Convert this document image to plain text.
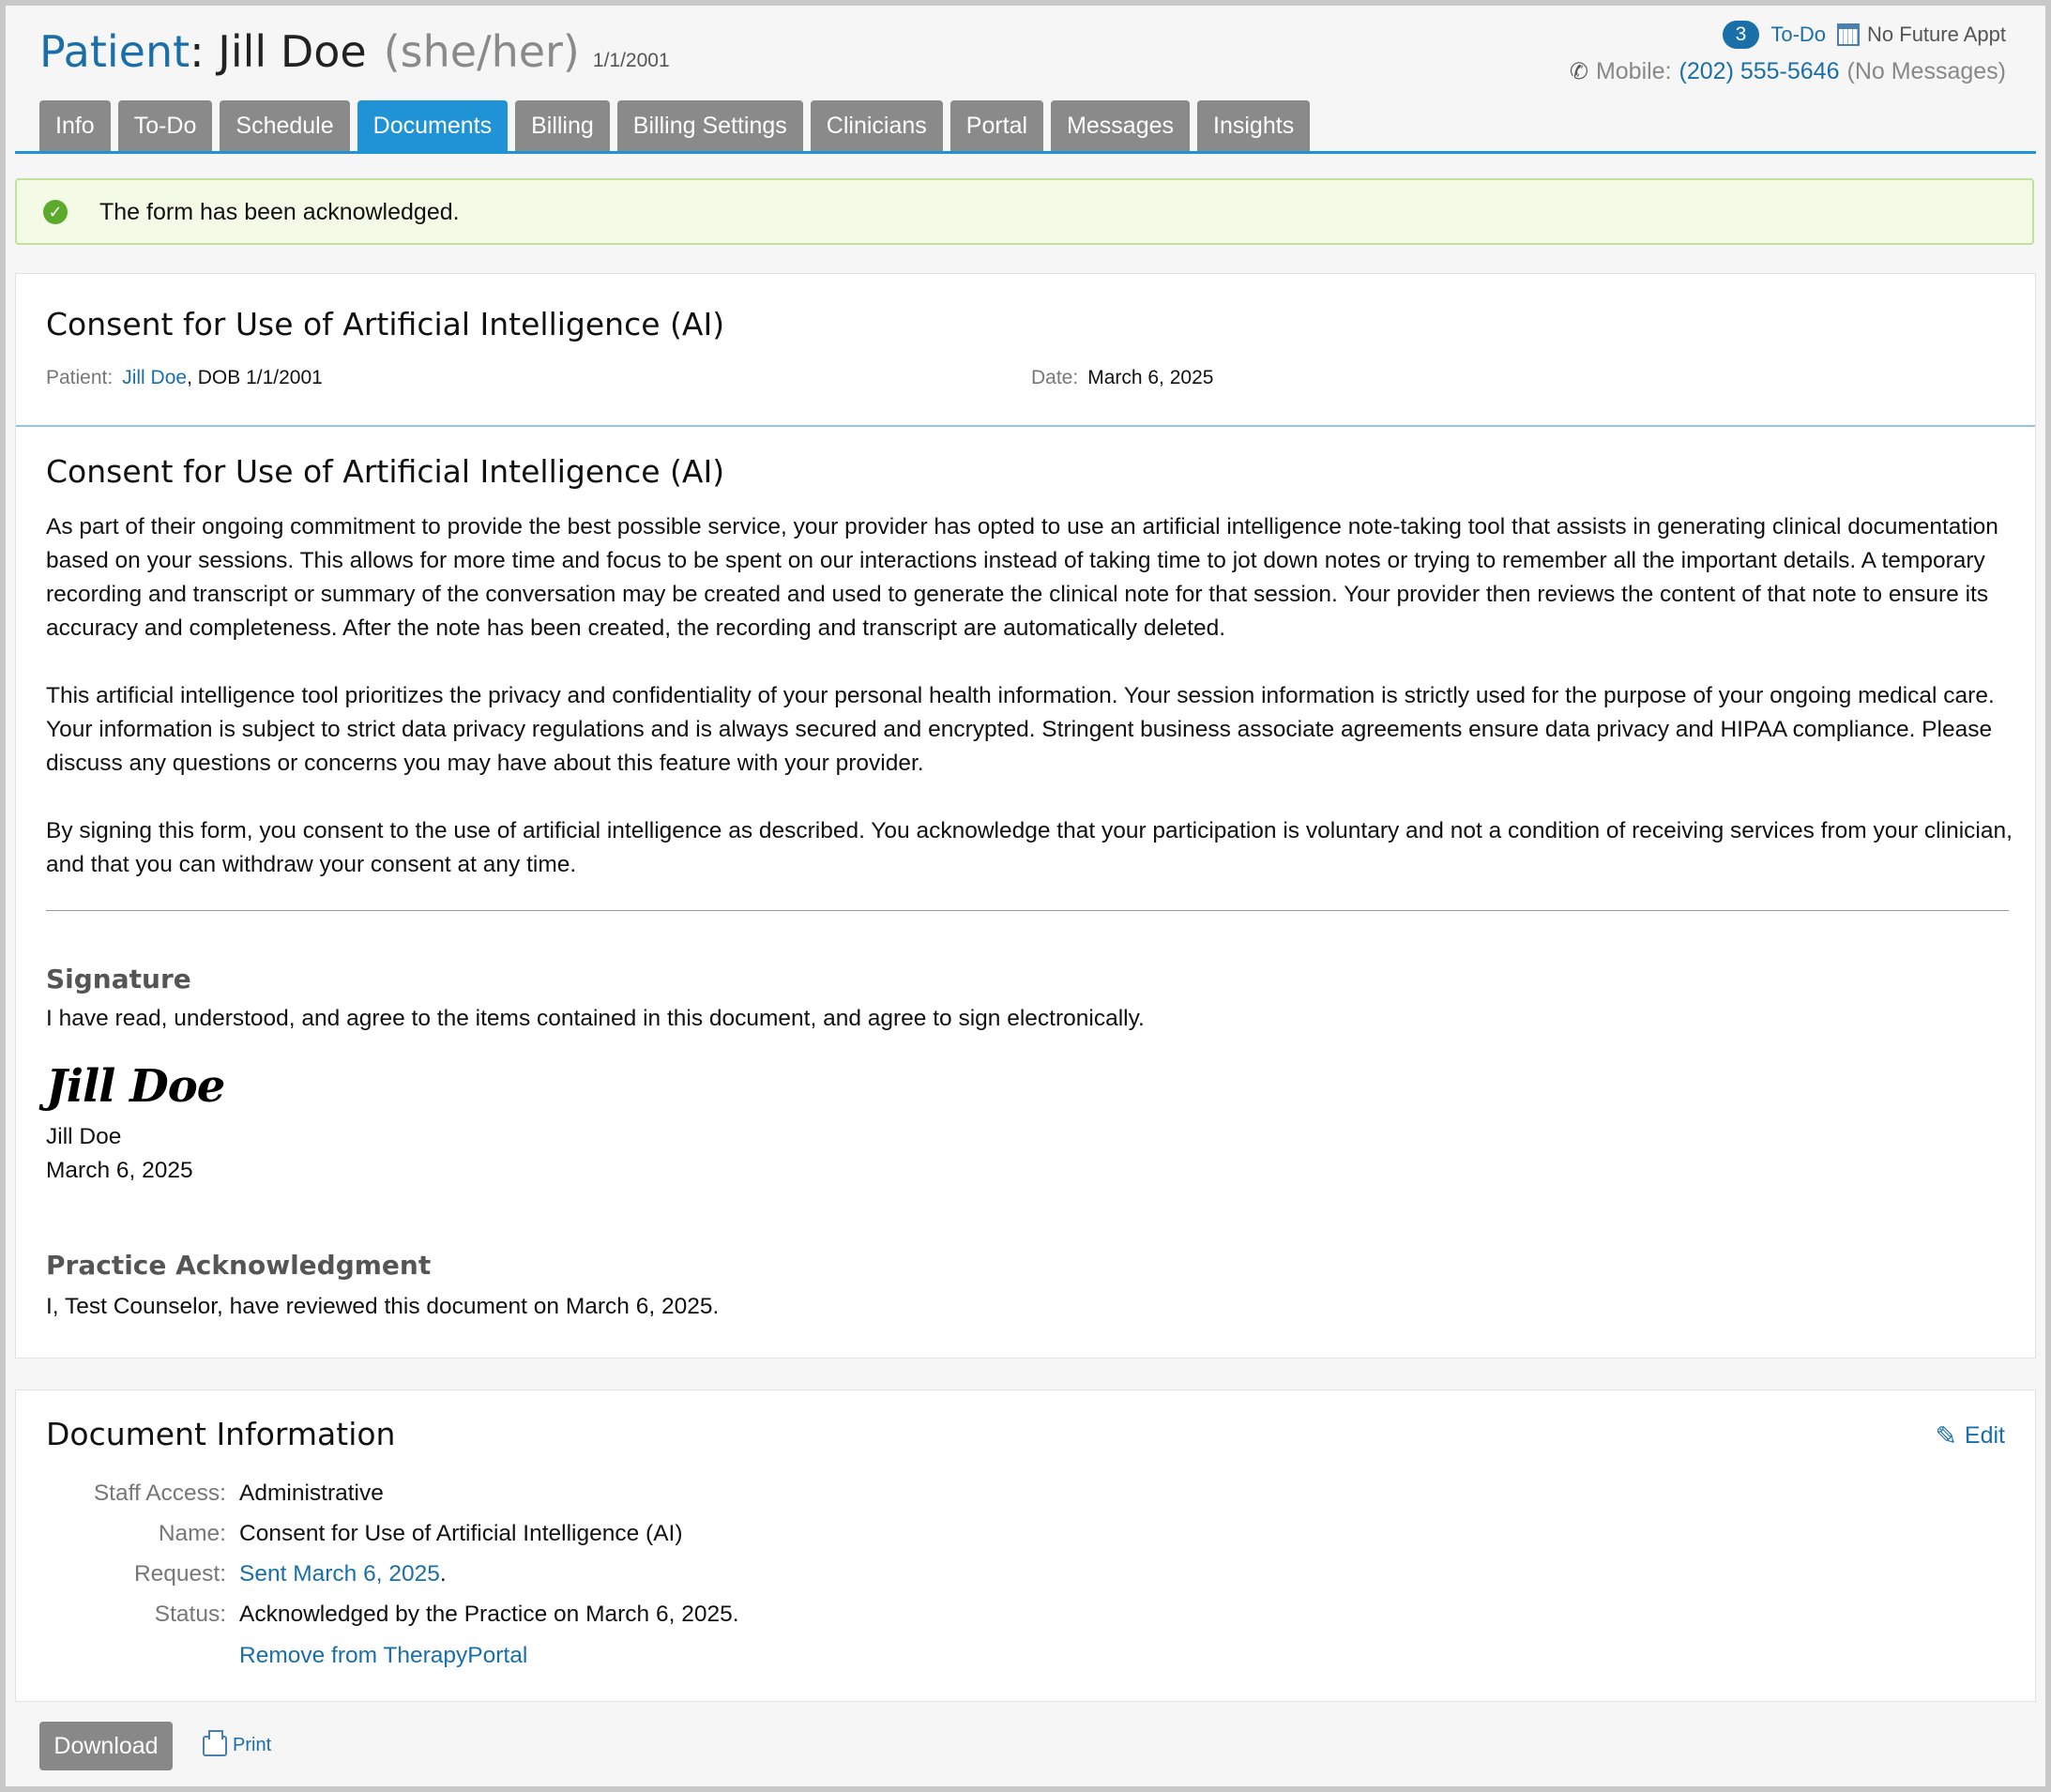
Patient: Jill Doe (she/her) 1/1/2001
3	To-Do No Future Appt
✆ Mobile: (202) 555-5646 (No Messages)
Info	To-Do	Schedule	Documents	Billing	Billing Settings	Clinicians	Portal	Messages	Insights
✓ The form has been acknowledged.
Consent for Use of Artificial Intelligence (AI)
Patient: Jill Doe, DOB 1/1/2001	Date: March 6, 2025
Consent for Use of Artificial Intelligence (AI)
As part of their ongoing commitment to provide the best possible service, your provider has opted to use an artificial intelligence note-taking tool that assists in generating clinical documentation based on your sessions. This allows for more time and focus to be spent on our interactions instead of taking time to jot down notes or trying to remember all the important details. A temporary recording and transcript or summary of the conversation may be created and used to generate the clinical note for that session. Your provider then reviews the content of that note to ensure its accuracy and completeness. After the note has been created, the recording and transcript are automatically deleted.
This artificial intelligence tool prioritizes the privacy and confidentiality of your personal health information. Your session information is strictly used for the purpose of your ongoing medical care. Your information is subject to strict data privacy regulations and is always secured and encrypted. Stringent business associate agreements ensure data privacy and HIPAA compliance. Please discuss any questions or concerns you may have about this feature with your provider.
By signing this form, you consent to the use of artificial intelligence as described. You acknowledge that your participation is voluntary and not a condition of receiving services from your clinician, and that you can withdraw your consent at any time.
Signature
I have read, understood, and agree to the items contained in this document, and agree to sign electronically.
Jill Doe
Jill Doe
March 6, 2025
Practice Acknowledgment
I, Test Counselor, have reviewed this document on March 6, 2025.
Document Information	✎ Edit
Staff Access: Administrative
Name: Consent for Use of Artificial Intelligence (AI)
Request: Sent March 6, 2025.
Status: Acknowledged by the Practice on March 6, 2025.
Remove from TherapyPortal
Download	Print
